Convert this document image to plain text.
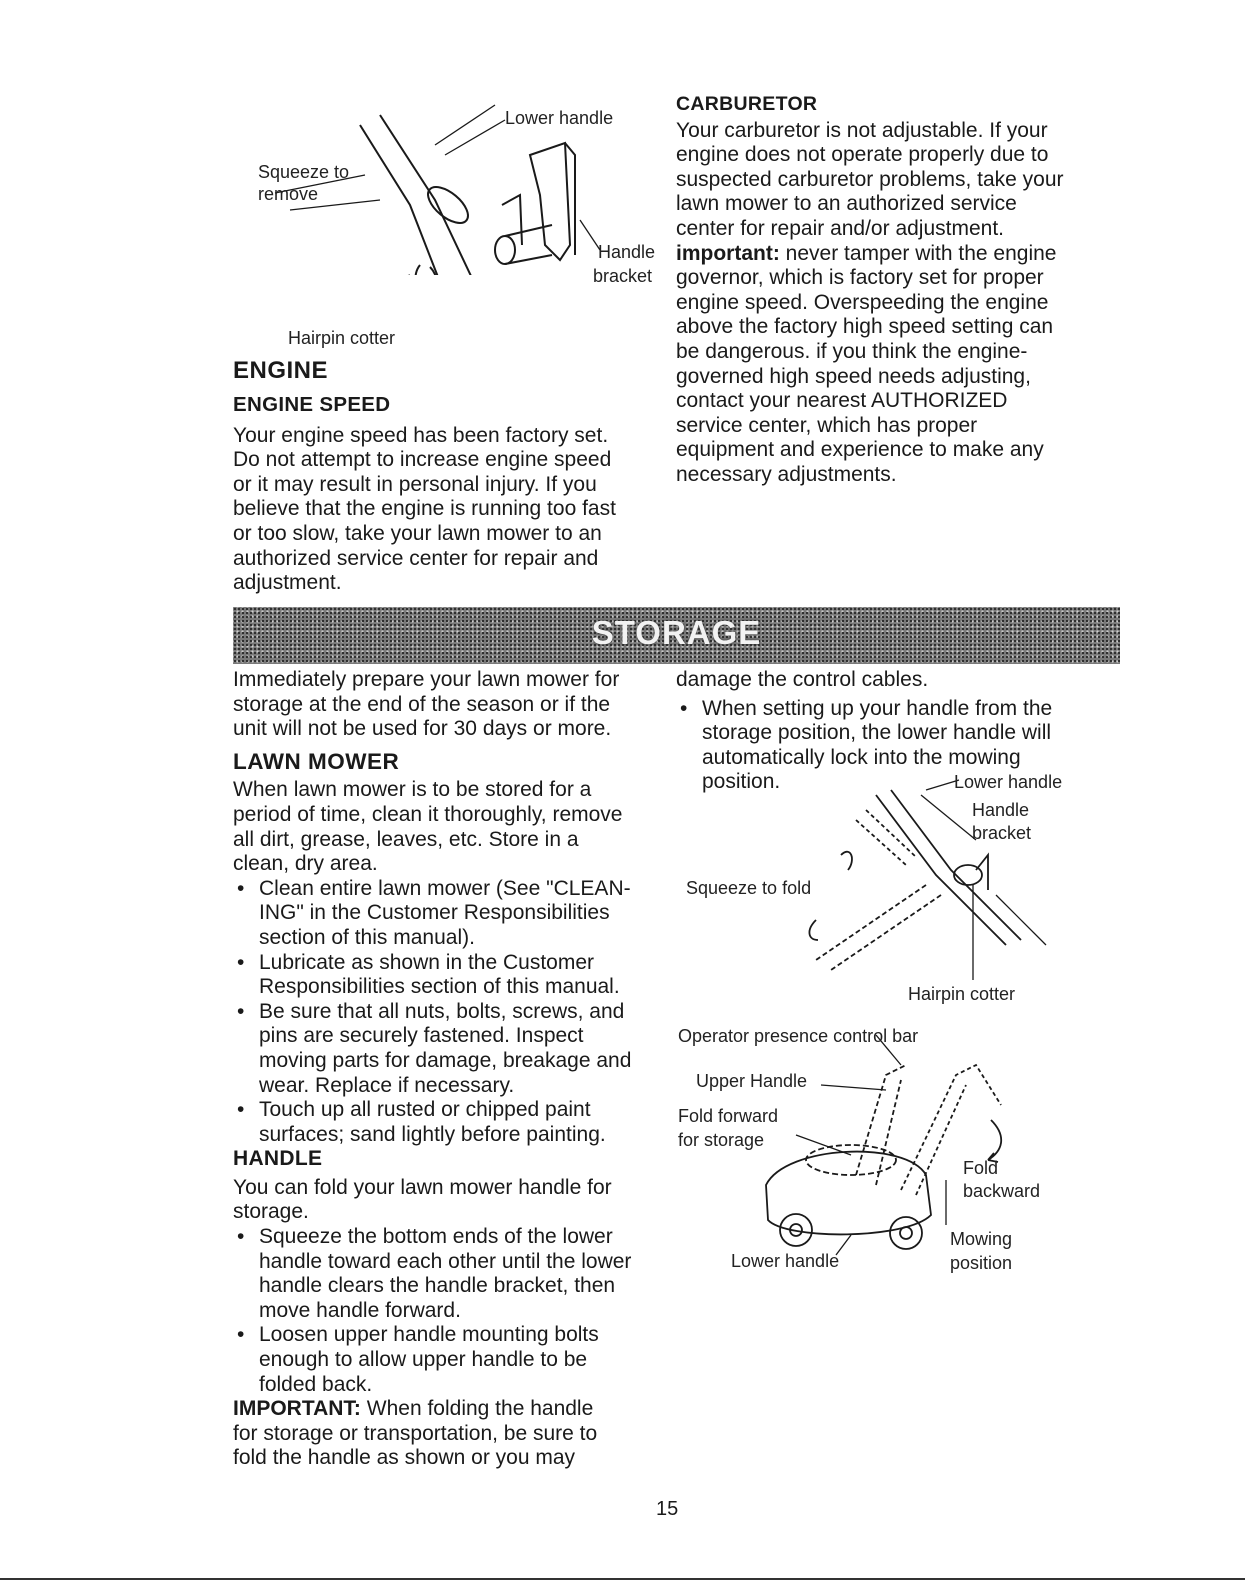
Lower handle
Squeeze to
remove
Handle
bracket
Hairpin cotter
ENGINE
ENGINE SPEED

Your engine speed has been factory set.

Do not attempt to increase engine speed

or it may result in personal injury. If you

believe that the engine is running too fast

or too slow, take your lawn mower to an

authorized service center for repair and

adjustment.

CARBURETOR

Your carburetor is not adjustable. If your

engine does not operate properly due to

suspected carburetor problems, take your

lawn mower to an authorized service

center for repair and/or adjustment.

important: never tamper with the engine

governor, which is factory set for proper

engine speed. Overspeeding the engine

above the factory high speed setting can

be dangerous. if you think the engine-

governed high speed needs adjusting,

contact your nearest AUTHORIZED

service center, which has proper

equipment and experience to make any

necessary adjustments.

STORAGE

Immediately prepare your lawn mower for

storage at the end of the season or if the

unit will not be used for 30 days or more.

LAWN MOWER

When lawn mower is to be stored for a

period of time, clean it thoroughly, remove

all dirt, grease, leaves, etc. Store in a

clean, dry area.

• Clean entire lawn mower (See "CLEAN-
ING" in the Customer Responsibilities
section of this manual).
• Lubricate as shown in the Customer
Responsibilities section of this manual.
• Be sure that all nuts, bolts, screws, and
pins are securely fastened. Inspect
moving parts for damage, breakage and
wear. Replace if necessary.
• Touch up all rusted or chipped paint
surfaces; sand lightly before painting.
HANDLE

You can fold your lawn mower handle for

storage.

• Squeeze the bottom ends of the lower
handle toward each other until the lower
handle clears the handle bracket, then
move handle forward.
• Loosen upper handle mounting bolts
enough to allow upper handle to be
folded back.

IMPORTANT: When folding the handle

for storage or transportation, be sure to

fold the handle as shown or you may

damage the control cables.

• When setting up your handle from the
storage position, the lower handle will
automatically lock into the mowing
position.	Lower handle
Handle
bracket
Squeeze to fold
Hairpin cotter
Operator presence control bar
Upper Handle
Fold forward
for storage
Fold
backward
Lower handle
Mowing
position
15
